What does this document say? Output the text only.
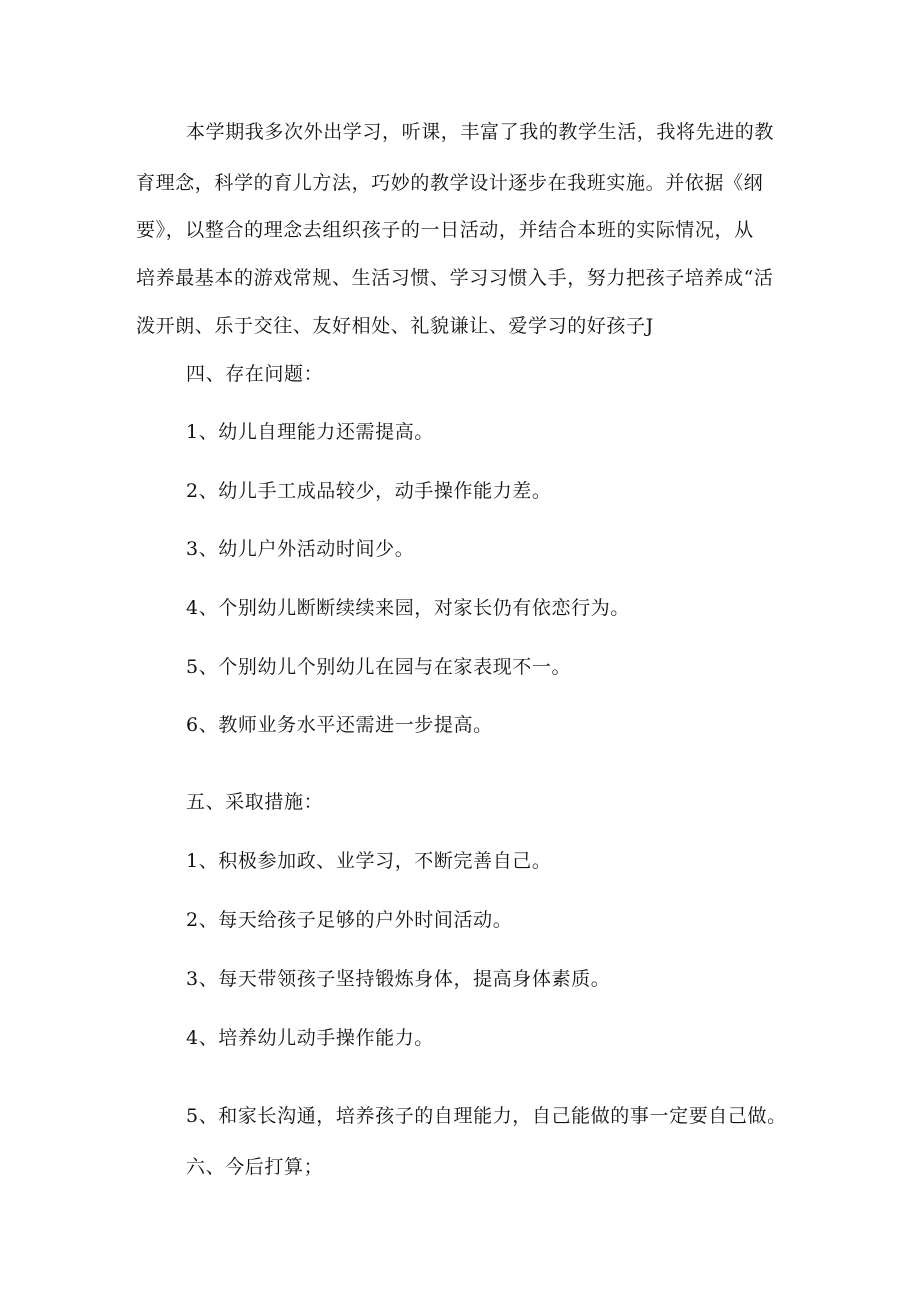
本学期我多次外出学习，听课，丰富了我的教学生活，我将先进的教
育理念，科学的育儿方法，巧妙的教学设计逐步在我班实施。并依据《纲
要》，以整合的理念去组织孩子的一日活动，并结合本班的实际情况，从
培养最基本的游戏常规、生活习惯、学习习惯入手，努力把孩子培养成“活
泼开朗、乐于交往、友好相处、礼貌谦让、爱学习的好孩子J
四、存在问题：
1、幼儿自理能力还需提高。
2、幼儿手工成品较少，动手操作能力差。
3、幼儿户外活动时间少。
4、个别幼儿断断续续来园，对家长仍有依恋行为。
5、个别幼儿个别幼儿在园与在家表现不一。
6、教师业务水平还需进一步提高。
五、采取措施：
1、积极参加政、业学习，不断完善自己。
2、每天给孩子足够的户外时间活动。
3、每天带领孩子坚持锻炼身体，提高身体素质。
4、培养幼儿动手操作能力。
5、和家长沟通，培养孩子的自理能力，自己能做的事一定要自己做。
六、今后打算；
